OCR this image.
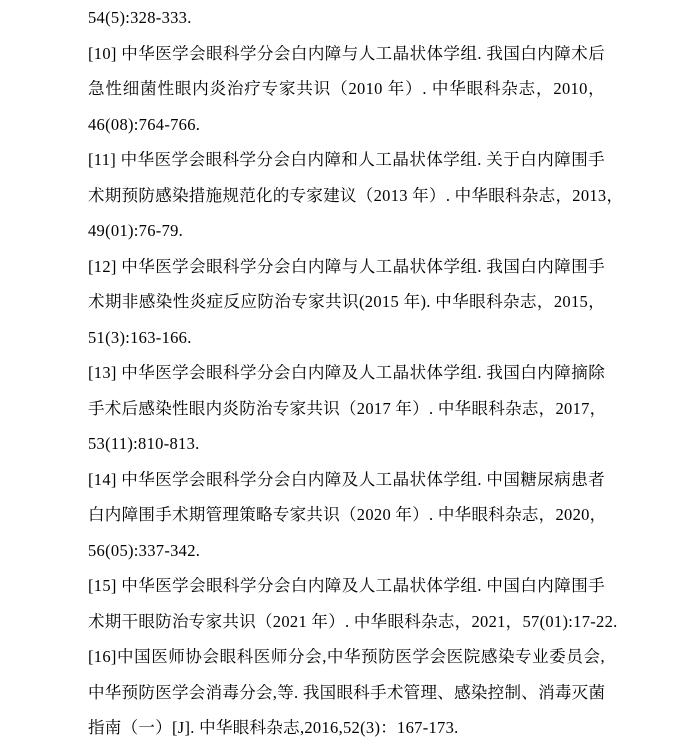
54(5):328-333.
[10] 中华医学会眼科学分会白内障与人工晶状体学组. 我国白内障术后
急性细菌性眼内炎治疗专家共识（2010 年）. 中华眼科杂志，2010，
46(08):764-766.
[11] 中华医学会眼科学分会白内障和人工晶状体学组. 关于白内障围手
术期预防感染措施规范化的专家建议（2013 年）. 中华眼科杂志，2013，
49(01):76-79.
[12] 中华医学会眼科学分会白内障与人工晶状体学组. 我国白内障围手
术期非感染性炎症反应防治专家共识(2015 年). 中华眼科杂志，2015，
51(3):163-166.
[13] 中华医学会眼科学分会白内障及人工晶状体学组. 我国白内障摘除
手术后感染性眼内炎防治专家共识（2017 年）. 中华眼科杂志，2017，
53(11):810-813.
[14] 中华医学会眼科学分会白内障及人工晶状体学组. 中国糖尿病患者
白内障围手术期管理策略专家共识（2020 年）. 中华眼科杂志，2020，
56(05):337-342.
[15] 中华医学会眼科学分会白内障及人工晶状体学组. 中国白内障围手
术期干眼防治专家共识（2021 年）. 中华眼科杂志，2021，57(01):17-22.
[16]中国医师协会眼科医师分会,中华预防医学会医院感染专业委员会,
中华预防医学会消毒分会,等. 我国眼科手术管理、感染控制、消毒灭菌
指南（一）[J]. 中华眼科杂志,2016,52(3)：167-173.
